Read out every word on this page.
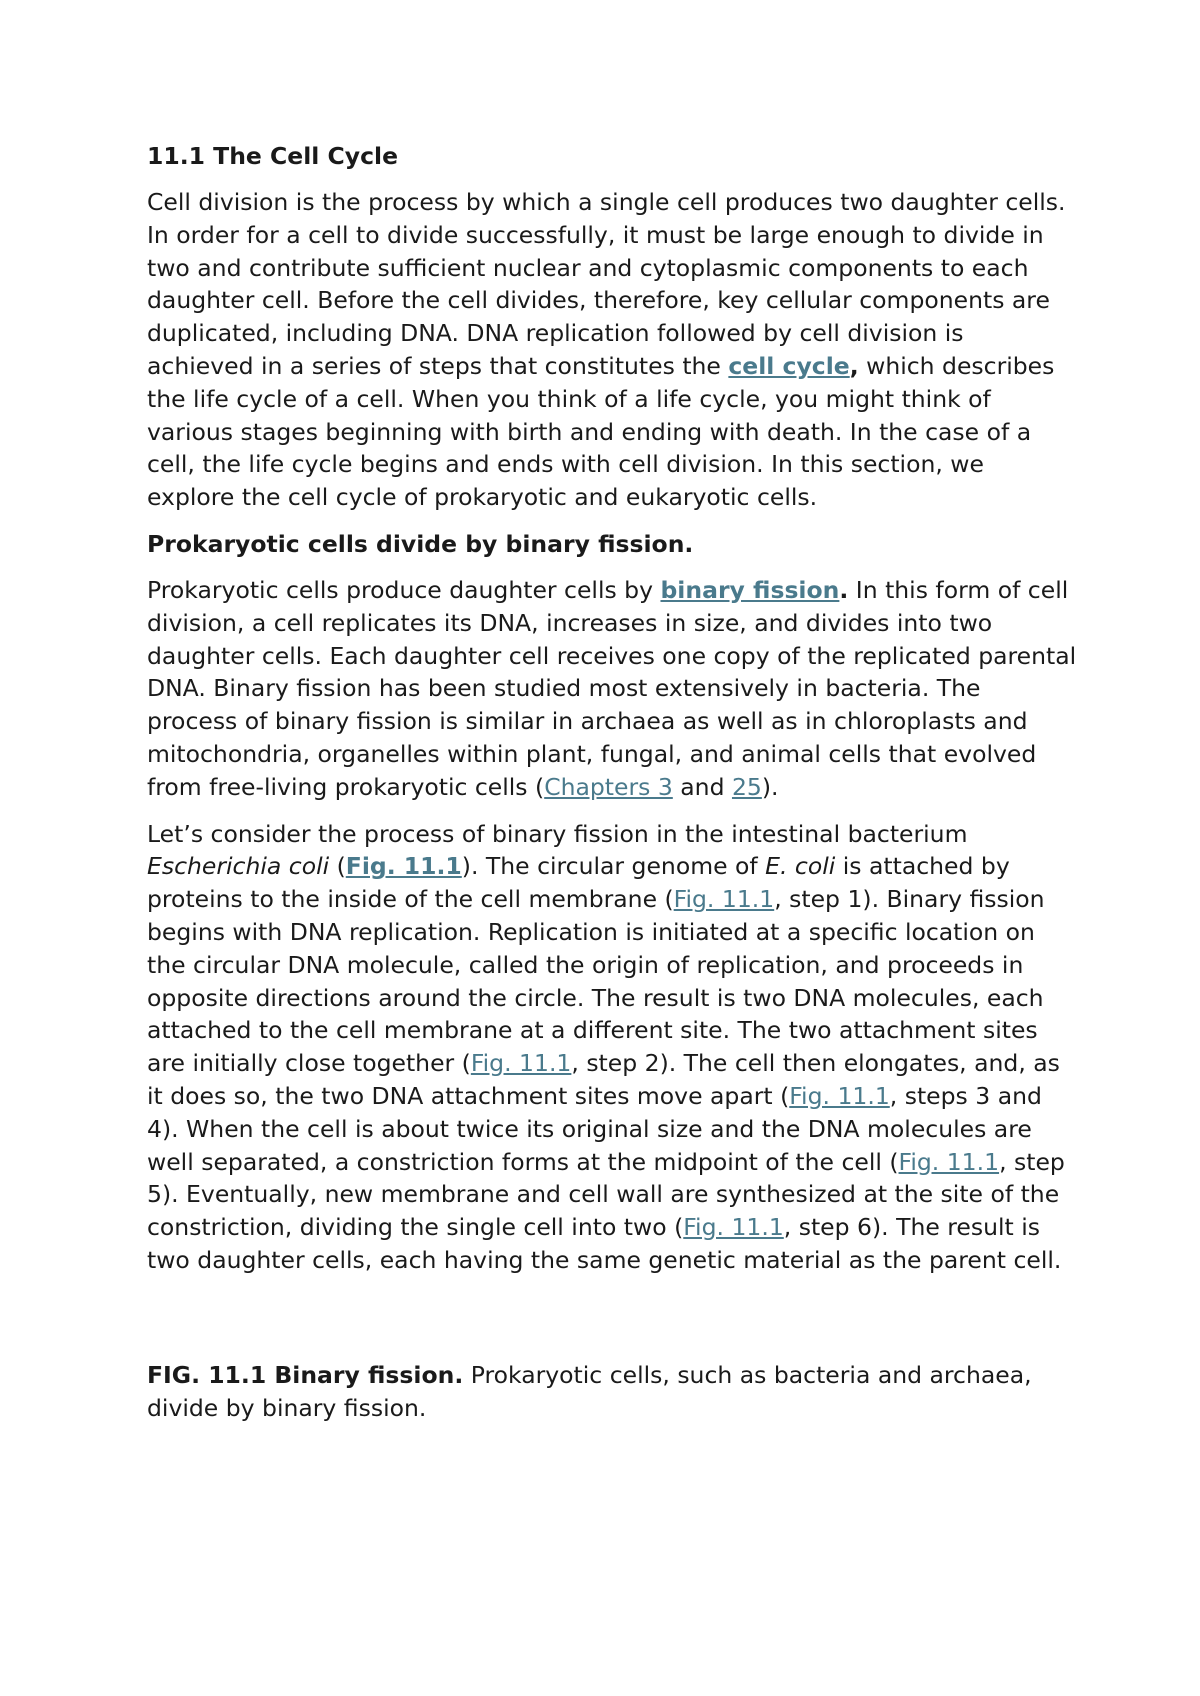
11.1 The Cell Cycle

Cell division is the process by which a single cell produces two daughter cells. In order for a cell to divide successfully, it must be large enough to divide in two and contribute sufficient nuclear and cytoplasmic components to each daughter cell. Before the cell divides, therefore, key cellular components are duplicated, including DNA. DNA replication followed by cell division is achieved in a series of steps that constitutes the cell cycle, which describes the life cycle of a cell. When you think of a life cycle, you might think of various stages beginning with birth and ending with death. In the case of a cell, the life cycle begins and ends with cell division. In this section, we explore the cell cycle of prokaryotic and eukaryotic cells.

Prokaryotic cells divide by binary fission.

Prokaryotic cells produce daughter cells by binary fission. In this form of cell division, a cell replicates its DNA, increases in size, and divides into two daughter cells. Each daughter cell receives one copy of the replicated parental DNA. Binary fission has been studied most extensively in bacteria. The process of binary fission is similar in archaea as well as in chloroplasts and mitochondria, organelles within plant, fungal, and animal cells that evolved from free-living prokaryotic cells (Chapters 3 and 25).

Let’s consider the process of binary fission in the intestinal bacterium Escherichia coli (Fig. 11.1). The circular genome of E. coli is attached by proteins to the inside of the cell membrane (Fig. 11.1, step 1). Binary fission begins with DNA replication. Replication is initiated at a specific location on the circular DNA molecule, called the origin of replication, and proceeds in opposite directions around the circle. The result is two DNA molecules, each attached to the cell membrane at a different site. The two attachment sites are initially close together (Fig. 11.1, step 2). The cell then elongates, and, as it does so, the two DNA attachment sites move apart (Fig. 11.1, steps 3 and 4). When the cell is about twice its original size and the DNA molecules are well separated, a constriction forms at the midpoint of the cell (Fig. 11.1, step 5). Eventually, new membrane and cell wall are synthesized at the site of the constriction, dividing the single cell into two (Fig. 11.1, step 6). The result is two daughter cells, each having the same genetic material as the parent cell.

FIG. 11.1 Binary fission. Prokaryotic cells, such as bacteria and archaea, divide by binary fission.
